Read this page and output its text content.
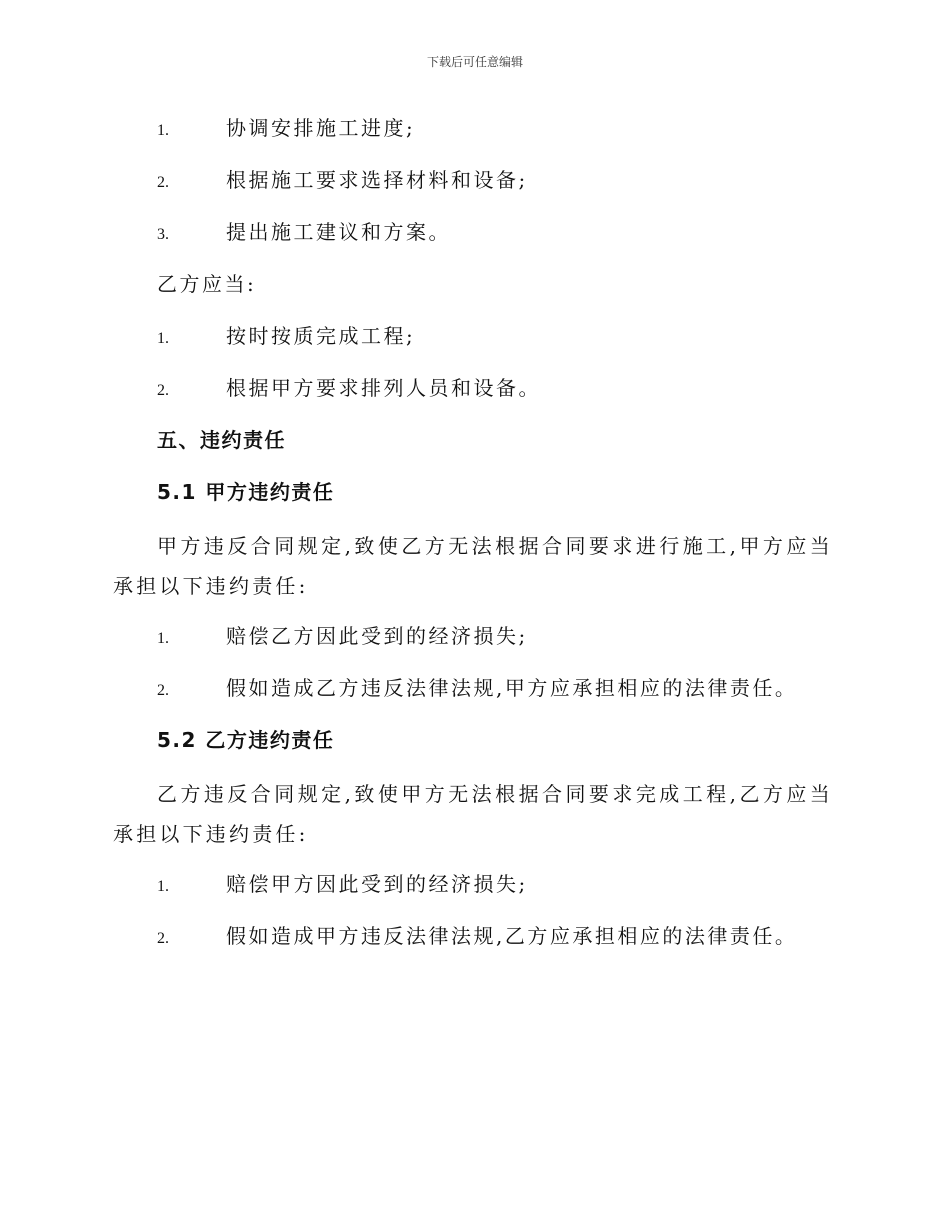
下载后可任意编辑
1.	协调安排施工进度;
2.	根据施工要求选择材料和设备;
3.	提出施工建议和方案。
乙方应当:
1.	按时按质完成工程;
2.	根据甲方要求排列人员和设备。
五、违约责任
5.1 甲方违约责任
甲方违反合同规定,致使乙方无法根据合同要求进行施工,甲方应当承担以下违约责任:
1.	赔偿乙方因此受到的经济损失;
2.	假如造成乙方违反法律法规,甲方应承担相应的法律责任。
5.2 乙方违约责任
乙方违反合同规定,致使甲方无法根据合同要求完成工程,乙方应当承担以下违约责任:
1.	赔偿甲方因此受到的经济损失;
2.	假如造成甲方违反法律法规,乙方应承担相应的法律责任。
